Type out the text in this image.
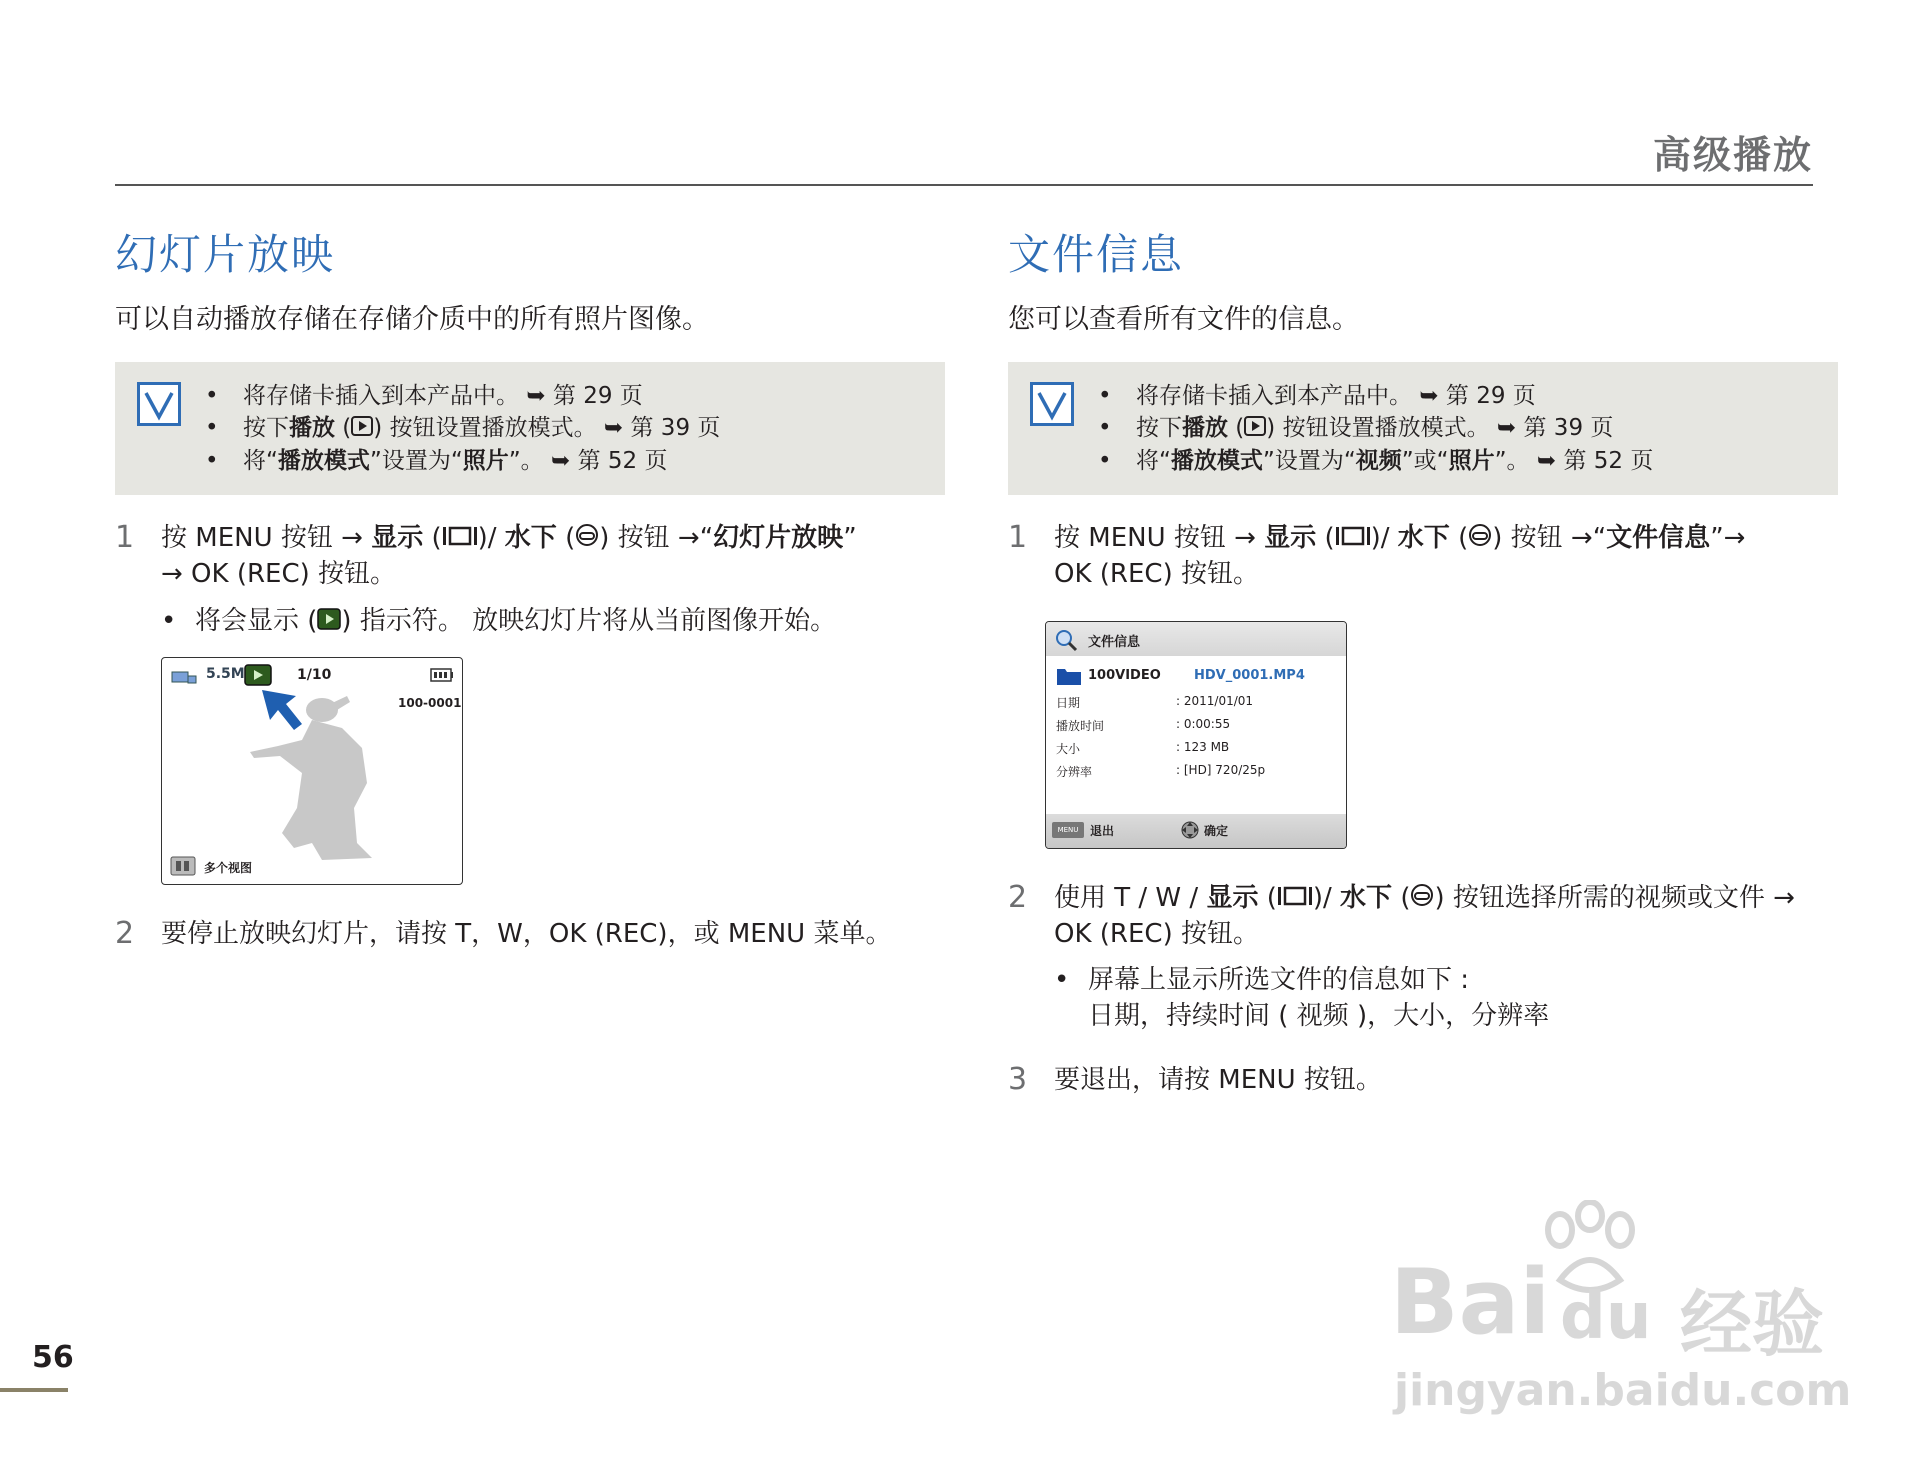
高级播放
幻灯片放映
可以自动播放存储在存储介质中的所有照片图像。
• 将存储卡插入到本产品中。 ➥ 第 29 页
• 按下播放 ( ) 按钮设置播放模式。 ➥ 第 39 页
• 将“播放模式”设置为“照片”。 ➥ 第 52 页
1 按 MENU 按钮 → 显示 ( )/ 水下 ( ) 按钮 →“幻灯片放映”
→ OK (REC) 按钮。
• 将会显示 ( ) 指示符。 放映幻灯片将从当前图像开始。
5.5M	1/10
100-0001
多个视图
2 要停止放映幻灯片，请按 T，W，OK (REC)，或 MENU 菜单。
文件信息
您可以查看所有文件的信息。
• 将存储卡插入到本产品中。 ➥ 第 29 页
• 按下播放 ( ) 按钮设置播放模式。 ➥ 第 39 页
• 将“播放模式”设置为“视频”或“照片”。 ➥ 第 52 页
1 按 MENU 按钮 → 显示 ( )/ 水下 ( ) 按钮 →“文件信息”→
OK (REC) 按钮。
文件信息
100VIDEO	HDV_0001.MP4
日期	: 2011/01/01
播放时间	: 0:00:55
大小	: 123 MB
分辨率	: [HD] 720/25p
MENU 退出	确定
2 使用 T / W / 显示 ( )/ 水下 ( ) 按钮选择所需的视频或文件 →
OK (REC) 按钮。
• 屏幕上显示所选文件的信息如下 :
日期，持续时间 ( 视频 )，大小，分辨率
3 要退出，请按 MENU 按钮。
56
Bai du 经验
jingyan.baidu.com
